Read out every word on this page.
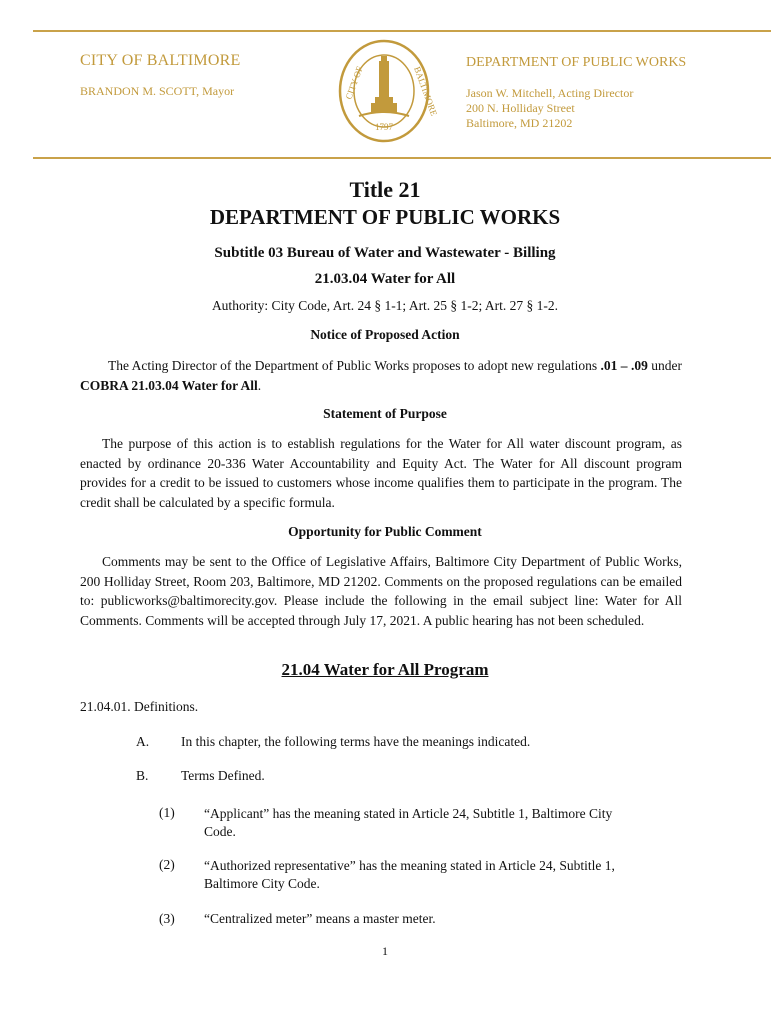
CITY OF BALTIMORE
BRANDON M. SCOTT, Mayor	CITY OF	BALTIMORE
1797
DEPARTMENT OF PUBLIC WORKS
Jason W. Mitchell, Acting Director
200 N. Holliday Street
Baltimore, MD 21202
Title 21
DEPARTMENT OF PUBLIC WORKS
Subtitle 03 Bureau of Water and Wastewater - Billing
21.03.04 Water for All
Authority: City Code, Art. 24 § 1-1; Art. 25 § 1-2; Art. 27 § 1-2.
Notice of Proposed Action
The Acting Director of the Department of Public Works proposes to adopt new regulations .01 – .09 under COBRA 21.03.04 Water for All.
Statement of Purpose
The purpose of this action is to establish regulations for the Water for All water discount program, as enacted by ordinance 20-336 Water Accountability and Equity Act. The Water for All discount program provides for a credit to be issued to customers whose income qualifies them to participate in the program. The credit shall be calculated by a specific formula.
Opportunity for Public Comment
Comments may be sent to the Office of Legislative Affairs, Baltimore City Department of Public Works, 200 Holliday Street, Room 203, Baltimore, MD 21202. Comments on the proposed regulations can be emailed to: publicworks@baltimorecity.gov. Please include the following in the email subject line: Water for All Comments. Comments will be accepted through July 17, 2021. A public hearing has not been scheduled.
21.04 Water for All Program
21.04.01. Definitions.
A. In this chapter, the following terms have the meanings indicated.
B. Terms Defined.
(1) “Applicant” has the meaning stated in Article 24, Subtitle 1, Baltimore City
Code.
(2) “Authorized representative” has the meaning stated in Article 24, Subtitle 1,
Baltimore City Code.
(3) “Centralized meter” means a master meter.
1
